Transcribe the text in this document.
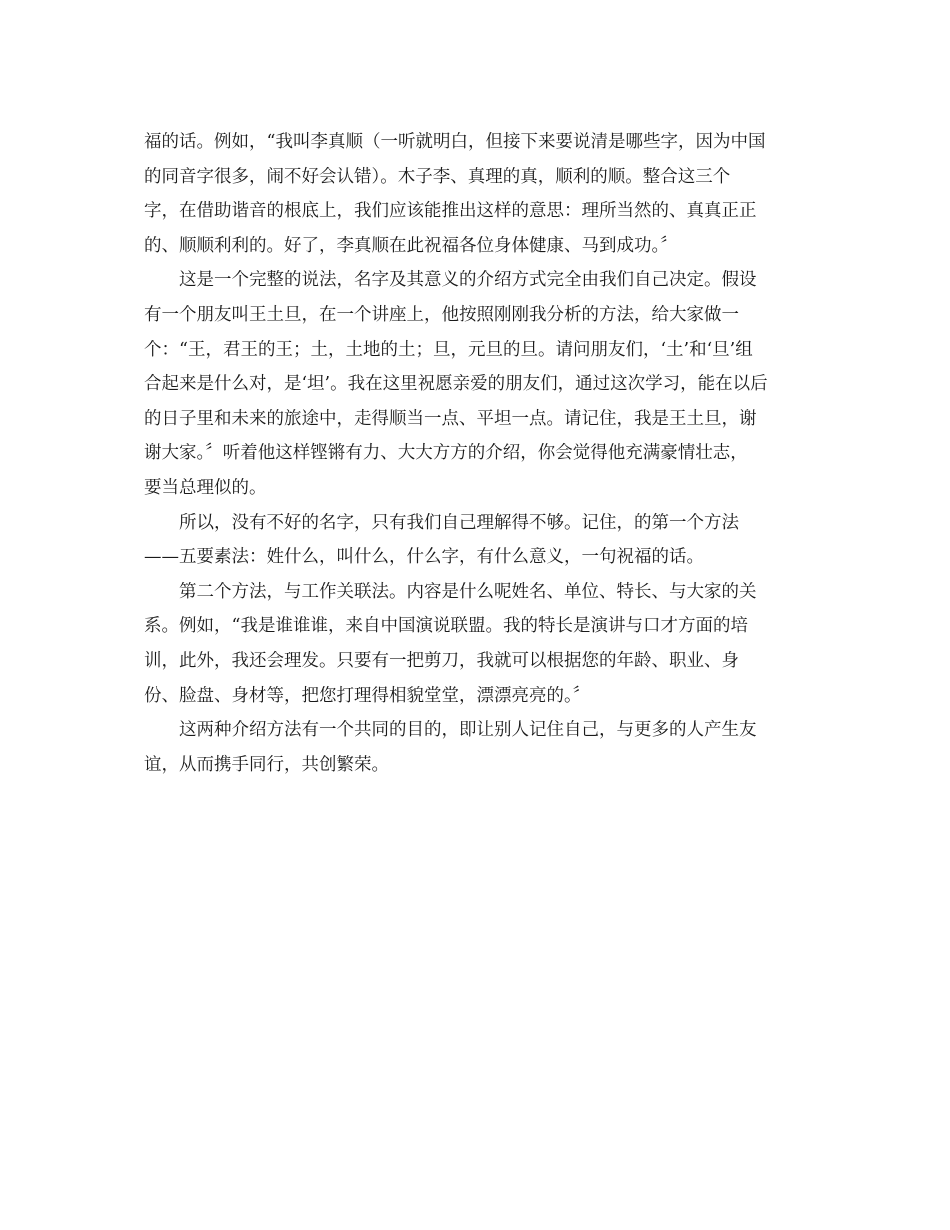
福的话。例如，“我叫李真顺（一听就明白，但接下来要说清是哪些字，因为中国

的同音字很多，闹不好会认错）。木子李、真理的真，顺利的顺。整合这三个

字，在借助谐音的根底上，我们应该能推出这样的意思：理所当然的、真真正正

的、顺顺利利的。好了，李真顺在此祝福各位身体健康、马到成功。〞

　　这是一个完整的说法，名字及其意义的介绍方式完全由我们自己决定。假设

有一个朋友叫王土旦，在一个讲座上，他按照刚刚我分析的方法，给大家做一

个：“王，君王的王；土，土地的土；旦，元旦的旦。请问朋友们，‘土’和‘旦’组

合起来是什么对，是‘坦’。我在这里祝愿亲爱的朋友们，通过这次学习，能在以后

的日子里和未来的旅途中，走得顺当一点、平坦一点。请记住，我是王土旦，谢

谢大家。〞听着他这样铿锵有力、大大方方的介绍，你会觉得他充满豪情壮志，

要当总理似的。

　　所以，没有不好的名字，只有我们自己理解得不够。记住，的第一个方法

——五要素法：姓什么，叫什么，什么字，有什么意义，一句祝福的话。

　　第二个方法，与工作关联法。内容是什么呢姓名、单位、特长、与大家的关

系。例如，“我是谁谁谁，来自中国演说联盟。我的特长是演讲与口才方面的培

训，此外，我还会理发。只要有一把剪刀，我就可以根据您的年龄、职业、身

份、脸盘、身材等，把您打理得相貌堂堂，漂漂亮亮的。〞

　　这两种介绍方法有一个共同的目的，即让别人记住自己，与更多的人产生友

谊，从而携手同行，共创繁荣。
